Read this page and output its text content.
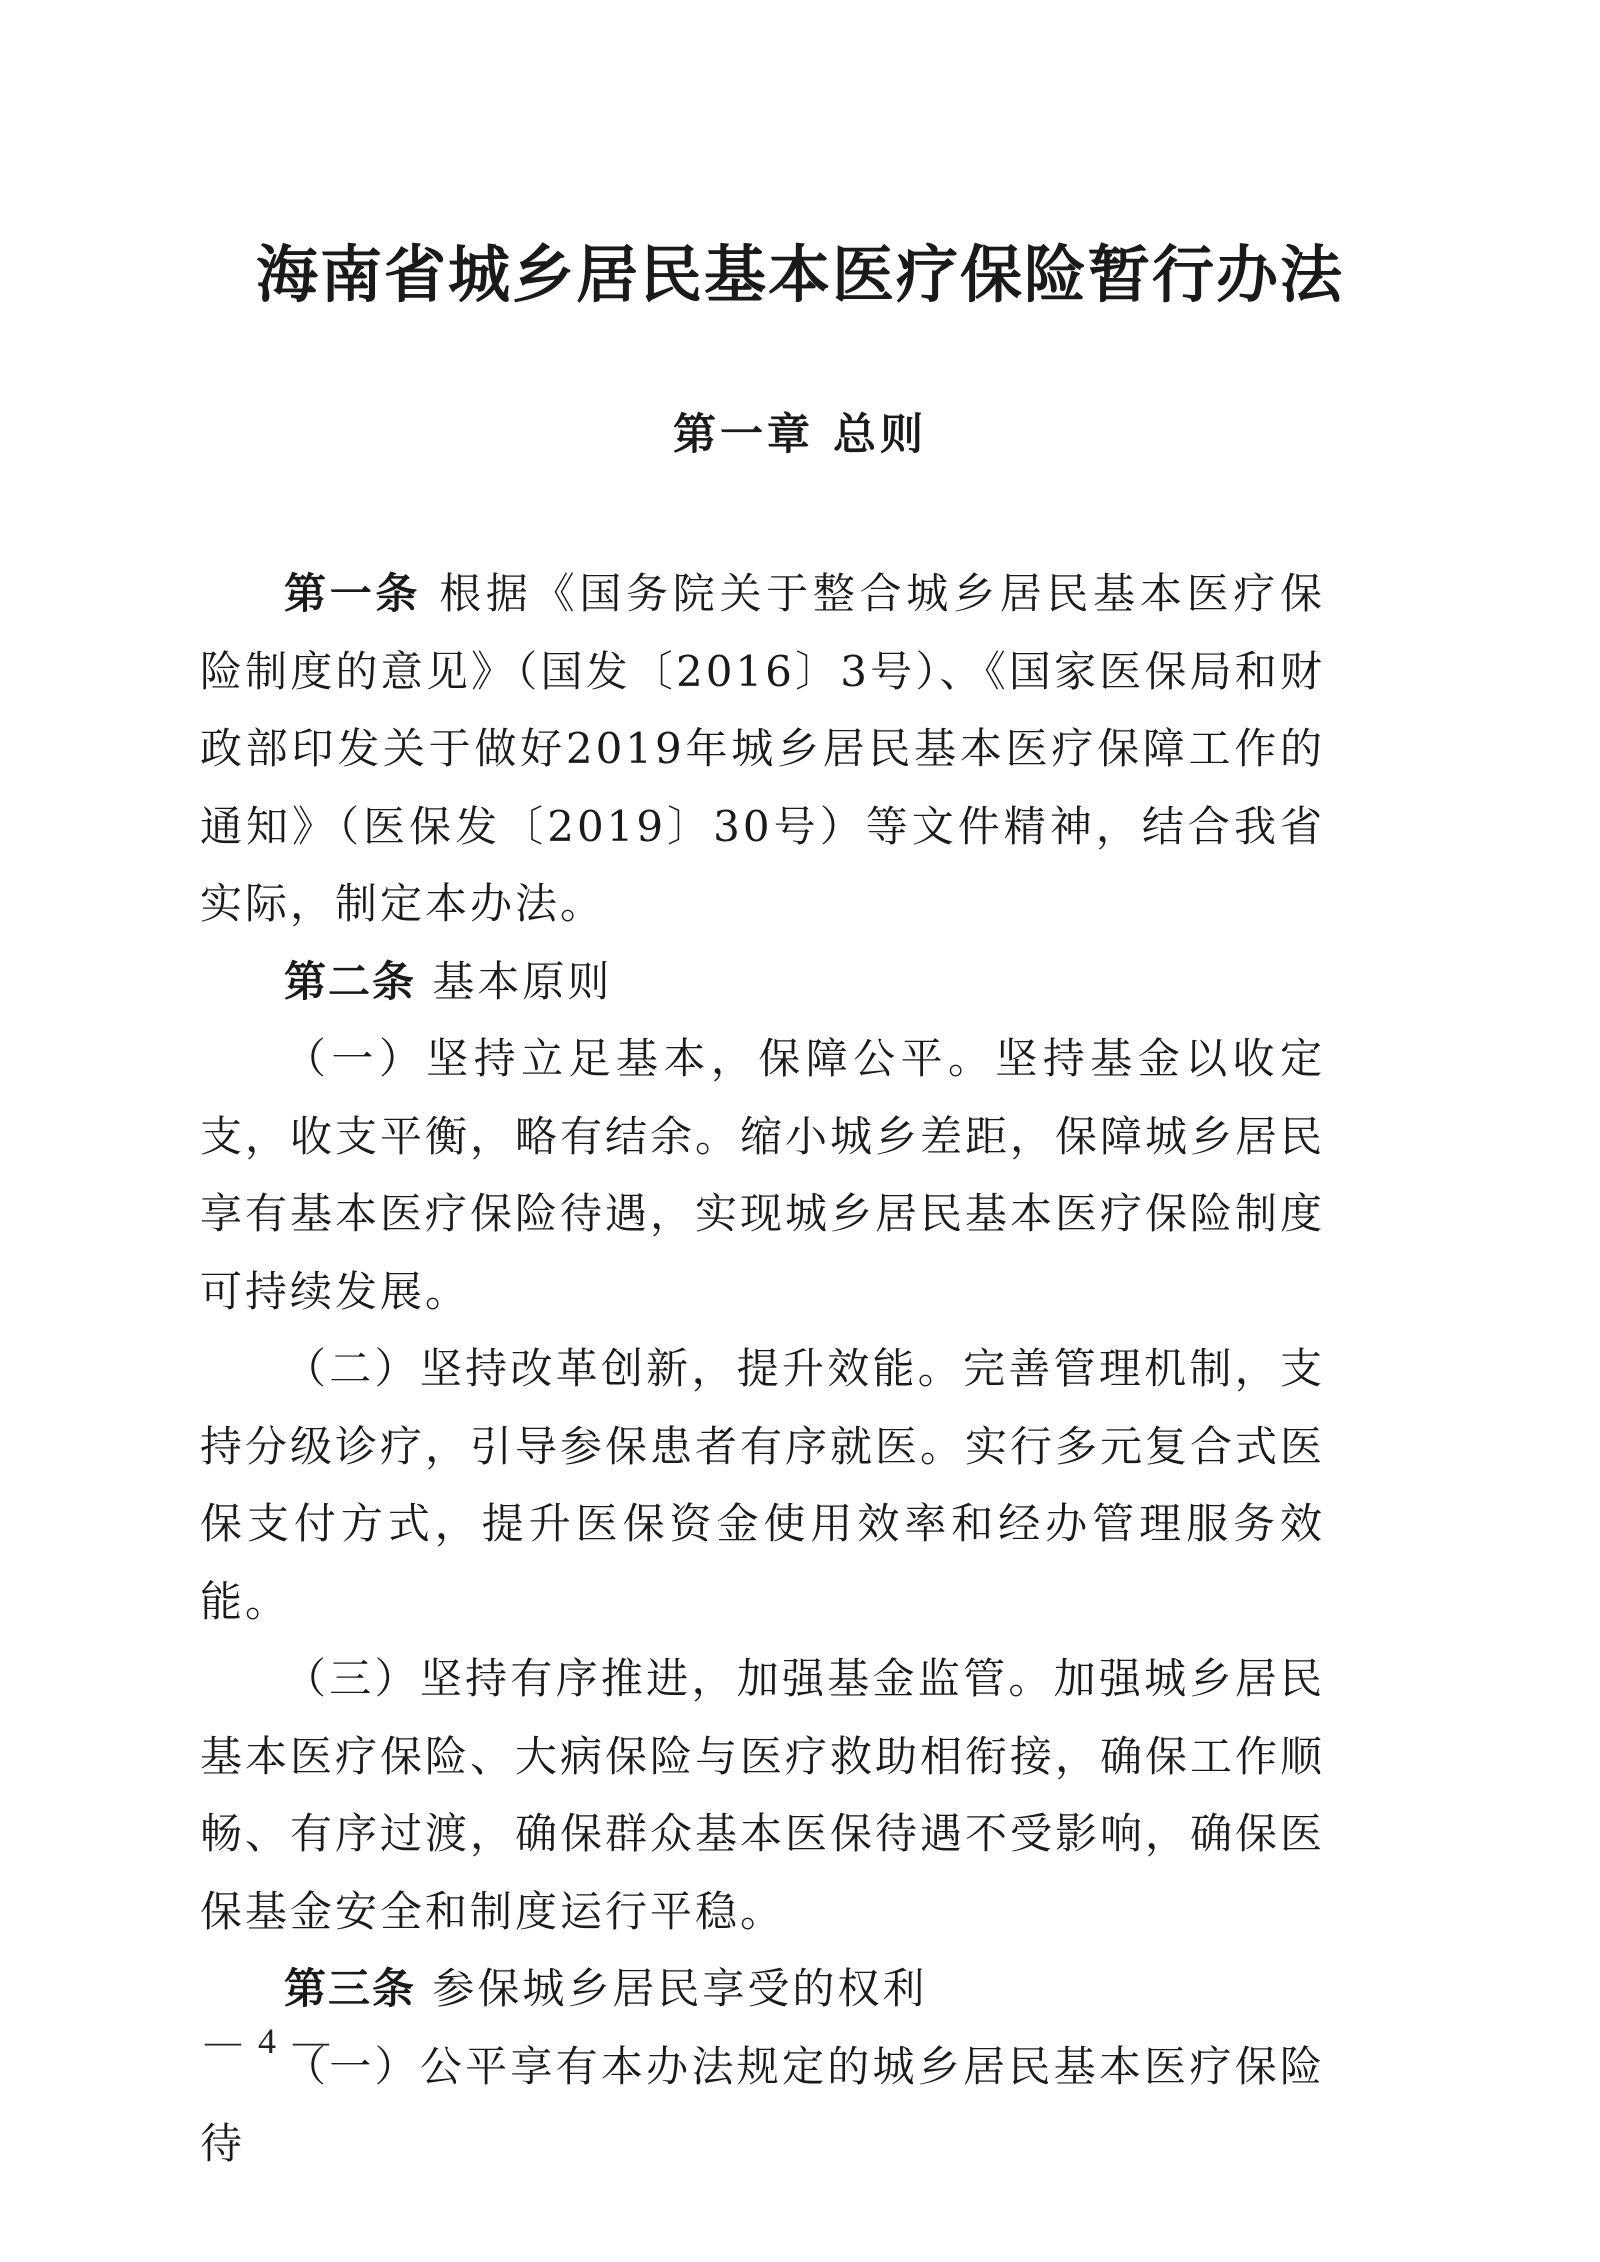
海南省城乡居民基本医疗保险暂行办法
第一章 总则

第一条 根据《国务院关于整合城乡居民基本医疗保险制度的意见》（国发〔2016〕3号）、《国家医保局和财政部印发关于做好2019年城乡居民基本医疗保障工作的通知》（医保发〔2019〕30号）等文件精神，结合我省实际，制定本办法。

第二条 基本原则

（一）坚持立足基本，保障公平。坚持基金以收定支，收支平衡，略有结余。缩小城乡差距，保障城乡居民享有基本医疗保险待遇，实现城乡居民基本医疗保险制度可持续发展。

（二）坚持改革创新，提升效能。完善管理机制，支持分级诊疗，引导参保患者有序就医。实行多元复合式医保支付方式，提升医保资金使用效率和经办管理服务效能。

（三）坚持有序推进，加强基金监管。加强城乡居民基本医疗保险、大病保险与医疗救助相衔接，确保工作顺畅、有序过渡，确保群众基本医保待遇不受影响，确保医保基金安全和制度运行平稳。

第三条 参保城乡居民享受的权利

（一）公平享有本办法规定的城乡居民基本医疗保险待

— 4 —
